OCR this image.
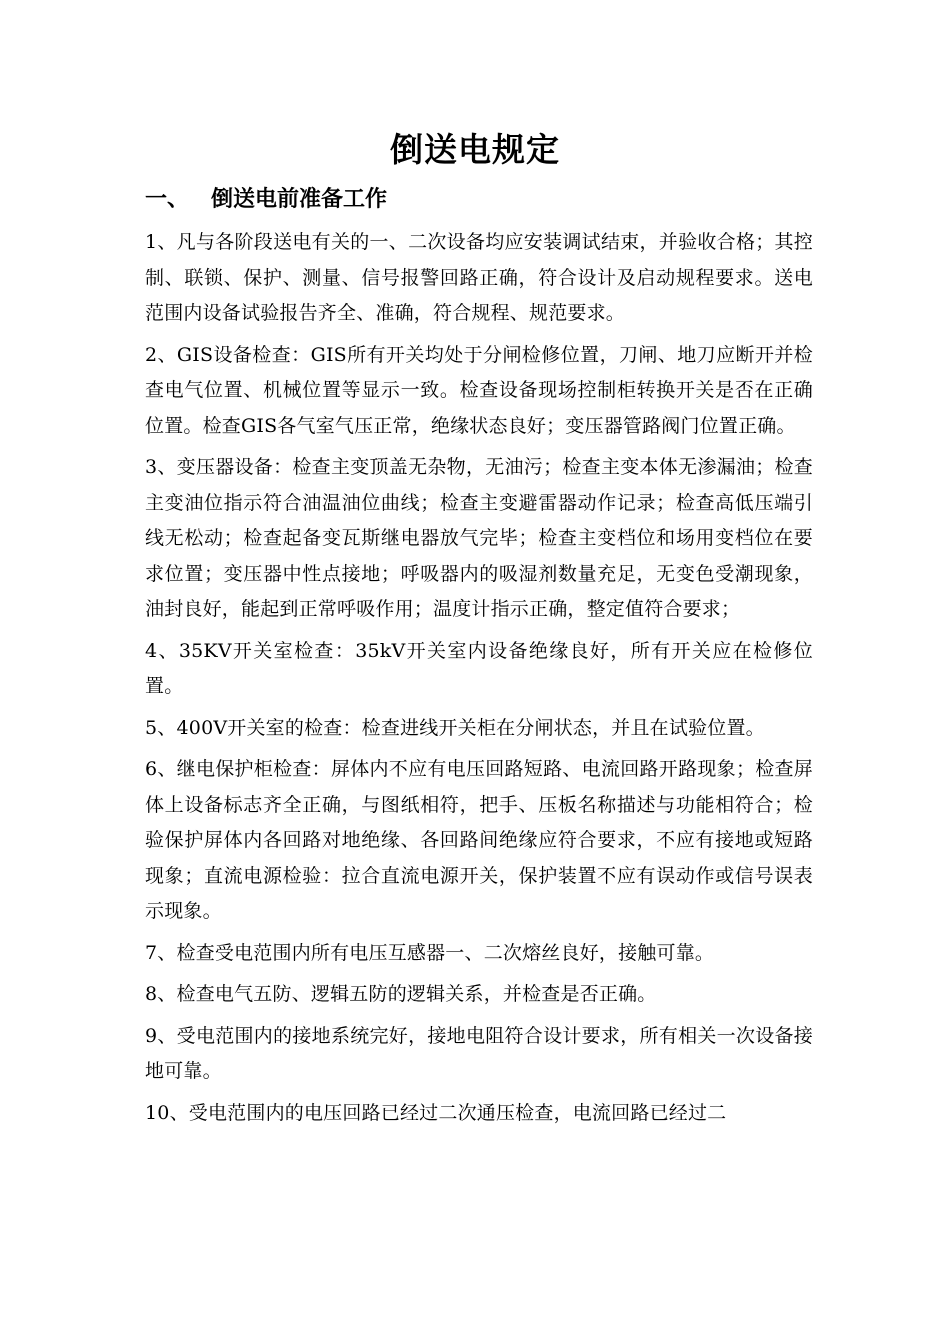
倒送电规定
一、 倒送电前准备工作

1、凡与各阶段送电有关的一、二次设备均应安装调试结束，并验收合格；其控制、联锁、保护、测量、信号报警回路正确，符合设计及启动规程要求。送电范围内设备试验报告齐全、准确，符合规程、规范要求。

2、GIS设备检查：GIS所有开关均处于分闸检修位置，刀闸、地刀应断开并检查电气位置、机械位置等显示一致。检查设备现场控制柜转换开关是否在正确位置。检查GIS各气室气压正常，绝缘状态良好；变压器管路阀门位置正确。

3、变压器设备：检查主变顶盖无杂物，无油污；检查主变本体无渗漏油；检查主变油位指示符合油温油位曲线；检查主变避雷器动作记录；检查高低压端引线无松动；检查起备变瓦斯继电器放气完毕；检查主变档位和场用变档位在要求位置；变压器中性点接地；呼吸器内的吸湿剂数量充足，无变色受潮现象，油封良好，能起到正常呼吸作用；温度计指示正确，整定值符合要求；

4、35KV开关室检查：35kV开关室内设备绝缘良好，所有开关应在检修位置。

5、400V开关室的检查：检查进线开关柜在分闸状态，并且在试验位置。

6、继电保护柜检查：屏体内不应有电压回路短路、电流回路开路现象；检查屏体上设备标志齐全正确，与图纸相符，把手、压板名称描述与功能相符合；检验保护屏体内各回路对地绝缘、各回路间绝缘应符合要求，不应有接地或短路现象；直流电源检验：拉合直流电源开关，保护装置不应有误动作或信号误表示现象。

7、检查受电范围内所有电压互感器一、二次熔丝良好，接触可靠。

8、检查电气五防、逻辑五防的逻辑关系，并检查是否正确。

9、受电范围内的接地系统完好，接地电阻符合设计要求，所有相关一次设备接地可靠。

10、受电范围内的电压回路已经过二次通压检查，电流回路已经过二
